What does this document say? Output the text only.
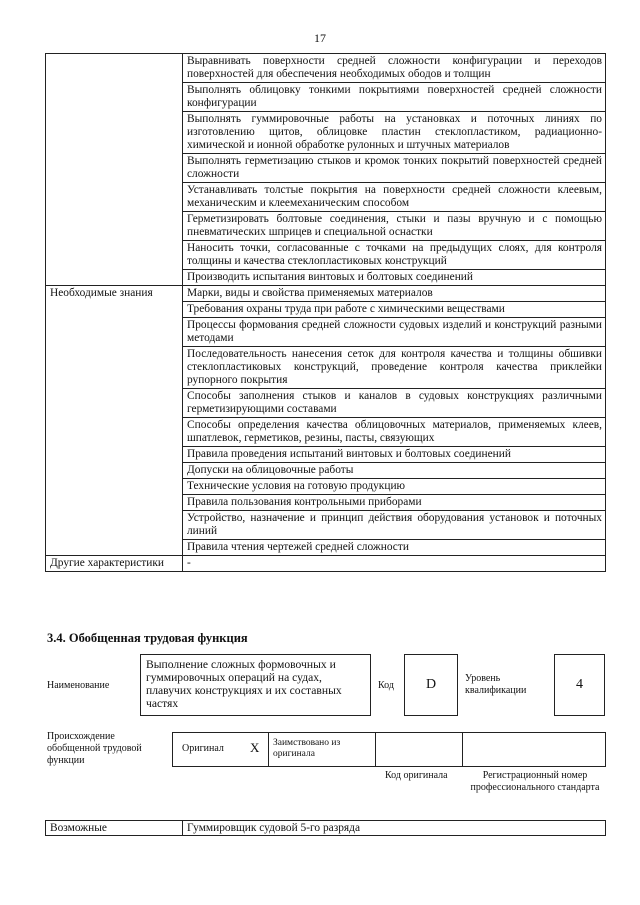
17
	Выравнивать поверхности средней сложности конфигурации и переходов поверхностей для обеспечения необходимых ободов и толщин
	Выполнять облицовку тонкими покрытиями поверхностей средней сложности конфигурации
	Выполнять гуммировочные работы на установках и поточных линиях по изготовлению щитов, облицовке пластин стеклопластиком, радиационно-химической и ионной обработке рулонных и штучных материалов
	Выполнять герметизацию стыков и кромок тонких покрытий поверхностей средней сложности
	Устанавливать толстые покрытия на поверхности средней сложности клеевым, механическим и клеемеханическим способом
	Герметизировать болтовые соединения, стыки и пазы вручную и с помощью пневматических шприцев и специальной оснастки
	Наносить точки, согласованные с точками на предыдущих слоях, для контроля толщины и качества стеклопластиковых конструкций
	Производить испытания винтовых и болтовых соединений
Необходимые знания	Марки, виды и свойства применяемых материалов
	Требования охраны труда при работе с химическими веществами
	Процессы формования средней сложности судовых изделий и конструкций разными методами
	Последовательность нанесения сеток для контроля качества и толщины обшивки стеклопластиковых конструкций, проведение контроля качества приклейки рупорного покрытия
	Способы заполнения стыков и каналов в судовых конструкциях различными герметизирующими составами
	Способы определения качества облицовочных материалов, применяемых клеев, шпатлевок, герметиков, резины, пасты, связующих
	Правила проведения испытаний винтовых и болтовых соединений
	Допуски на облицовочные работы
	Технические условия на готовую продукцию
	Правила пользования контрольными приборами
	Устройство, назначение и принцип действия оборудования установок и поточных линий
	Правила чтения чертежей средней сложности
Другие характеристики	-
3.4. Обобщенная трудовая функция
Наименование
Выполнение сложных формовочных и гуммировочных операций на судах, плавучих конструкциях и их составных частях
Код	D	Уровень квалификации	4
Происхождение обобщенной трудовой функции
Оригинал X Заимствовано из оригинала
Код оригинала	Регистрационный номер профессионального стандарта
Возможные	Гуммировщик судовой 5-го разряда
